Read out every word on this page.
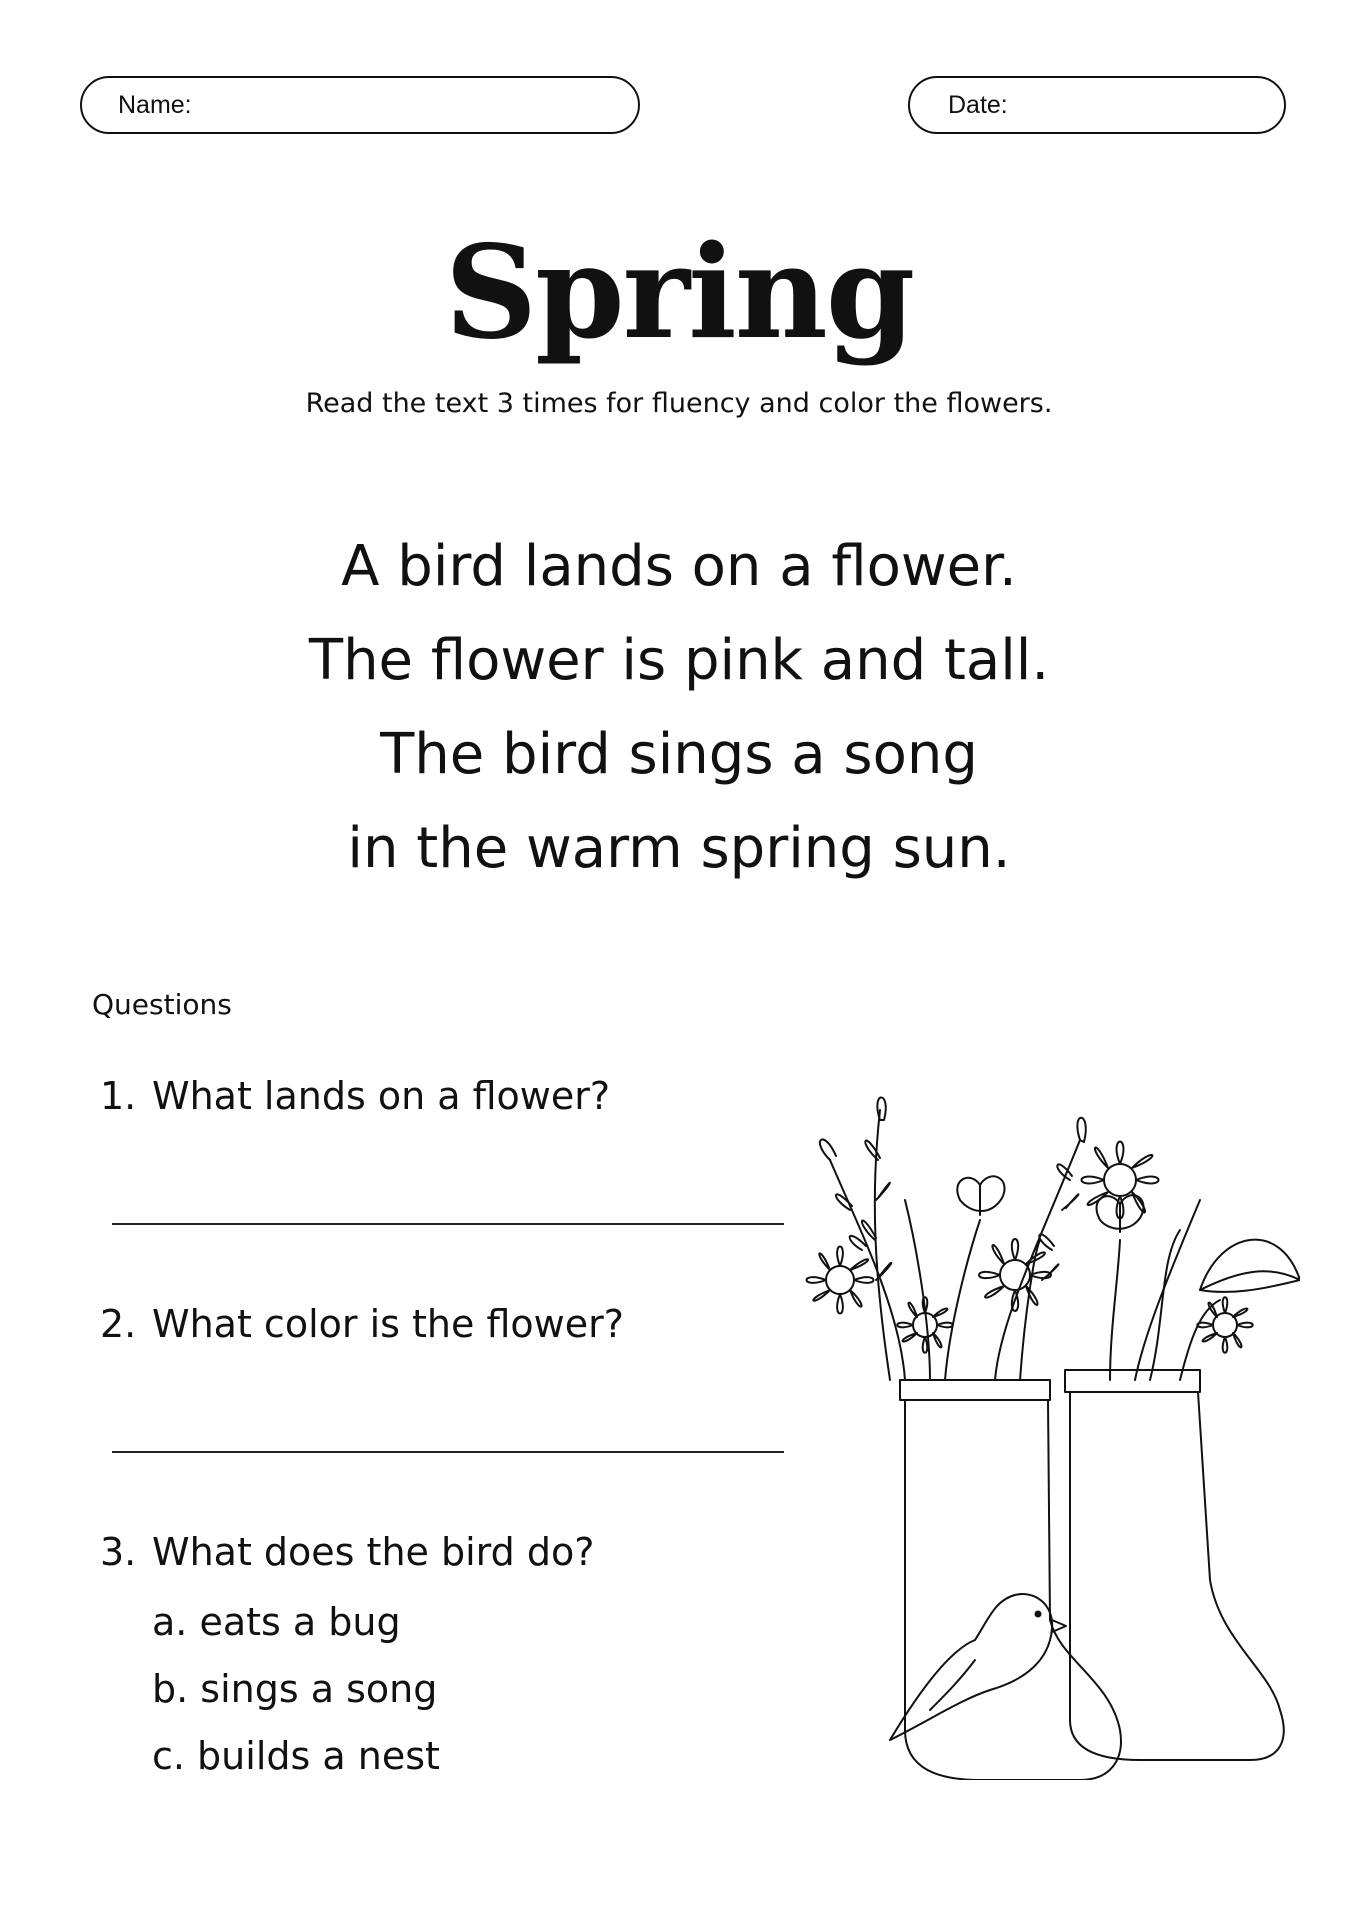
Name:	Date:
Spring
Read the text 3 times for fluency and color the flowers.
A bird lands on a flower.
The flower is pink and tall.
The bird sings a song
in the warm spring sun.
Questions
1. What lands on a flower?
2. What color is the flower?
3. What does the bird do?
a. eats a bug
b. sings a song
c. builds a nest
